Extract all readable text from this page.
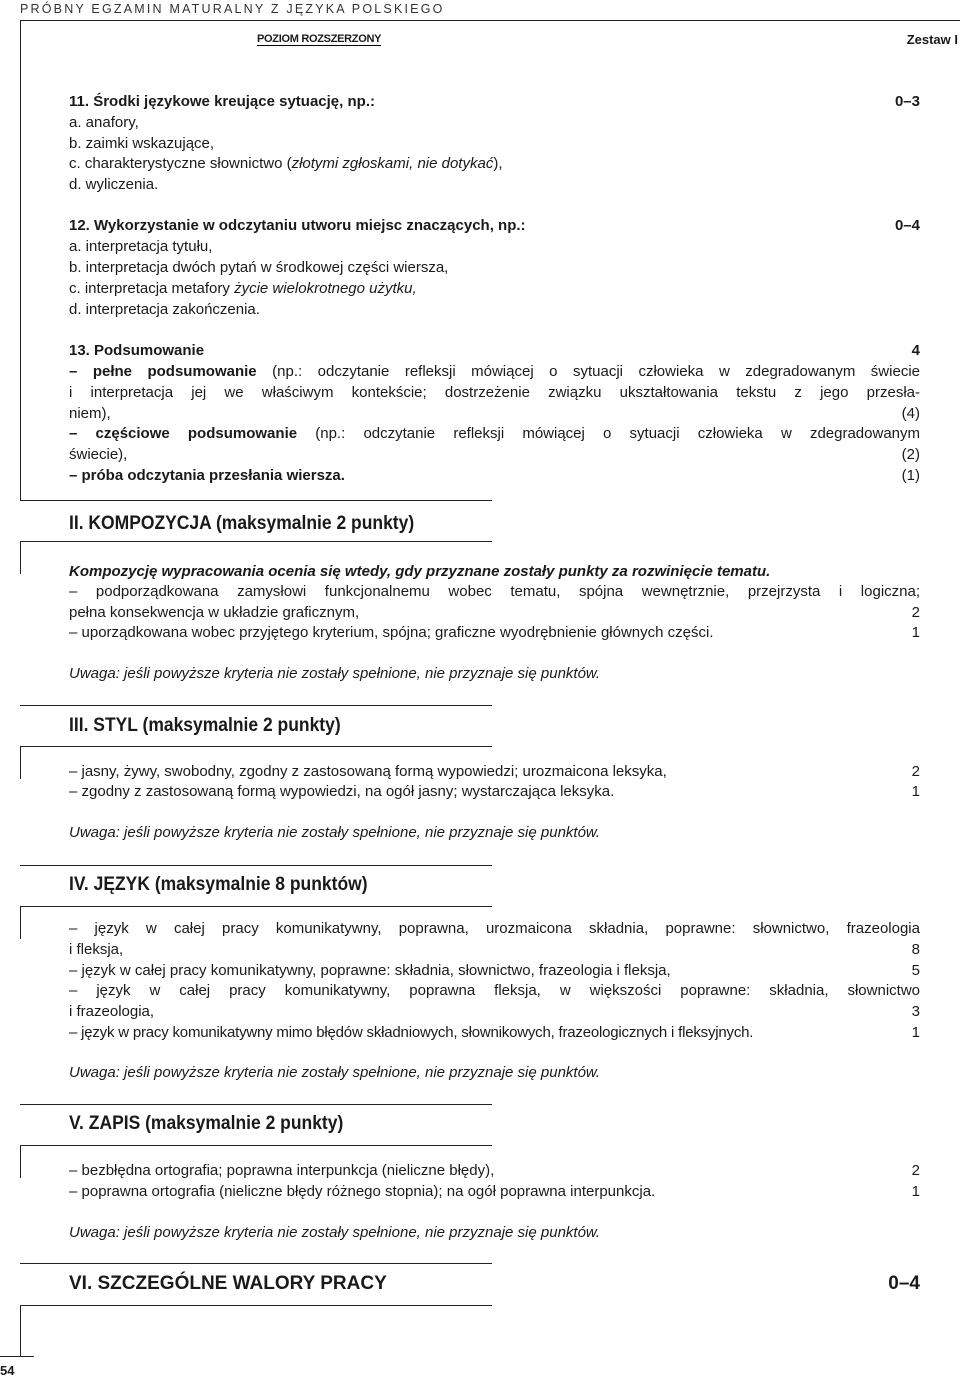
PRÓBNY EGZAMIN MATURALNY Z JĘZYKA POLSKIEGO
POZIOM ROZSZERZONY	Zestaw I
11. Środki językowe kreujące sytuację, np.:	0–3
a. anafory,
b. zaimki wskazujące,
c. charakterystyczne słownictwo (złotymi zgłoskami, nie dotykać),
d. wyliczenia.
12. Wykorzystanie w odczytaniu utworu miejsc znaczących, np.:	0–4
a. interpretacja tytułu,
b. interpretacja dwóch pytań w środkowej części wiersza,
c. interpretacja metafory życie wielokrotnego użytku,
d. interpretacja zakończenia.
13. Podsumowanie	4
– pełne podsumowanie (np.: odczytanie refleksji mówiącej o sytuacji człowieka w zdegradowanym świecie
i interpretacja jej we właściwym kontekście; dostrzeżenie związku ukształtowania tekstu z jego przesła-
niem),	(4)
– częściowe podsumowanie (np.: odczytanie refleksji mówiącej o sytuacji człowieka w zdegradowanym
świecie),	(2)
– próba odczytania przesłania wiersza.	(1)
II. KOMPOZYCJA (maksymalnie 2 punkty)
Kompozycję wypracowania ocenia się wtedy, gdy przyznane zostały punkty za rozwinięcie tematu.
– podporządkowana zamysłowi funkcjonalnemu wobec tematu, spójna wewnętrznie, przejrzysta i logiczna;
pełna konsekwencja w układzie graficznym,	2
– uporządkowana wobec przyjętego kryterium, spójna; graficzne wyodrębnienie głównych części.	1
Uwaga: jeśli powyższe kryteria nie zostały spełnione, nie przyznaje się punktów.
III. STYL (maksymalnie 2 punkty)
– jasny, żywy, swobodny, zgodny z zastosowaną formą wypowiedzi; urozmaicona leksyka,	2
– zgodny z zastosowaną formą wypowiedzi, na ogół jasny; wystarczająca leksyka.	1
Uwaga: jeśli powyższe kryteria nie zostały spełnione, nie przyznaje się punktów.
IV. JĘZYK (maksymalnie 8 punktów)
– język w całej pracy komunikatywny, poprawna, urozmaicona składnia, poprawne: słownictwo, frazeologia
i fleksja,	8
– język w całej pracy komunikatywny, poprawne: składnia, słownictwo, frazeologia i fleksja,	5
– język w całej pracy komunikatywny, poprawna fleksja, w większości poprawne: składnia, słownictwo
i frazeologia,	3
– język w pracy komunikatywny mimo błędów składniowych, słownikowych, frazeologicznych i fleksyjnych.	1
Uwaga: jeśli powyższe kryteria nie zostały spełnione, nie przyznaje się punktów.
V. ZAPIS (maksymalnie 2 punkty)
– bezbłędna ortografia; poprawna interpunkcja (nieliczne błędy),	2
– poprawna ortografia (nieliczne błędy różnego stopnia); na ogół poprawna interpunkcja.	1
Uwaga: jeśli powyższe kryteria nie zostały spełnione, nie przyznaje się punktów.
VI. SZCZEGÓLNE WALORY PRACY	0–4
54
